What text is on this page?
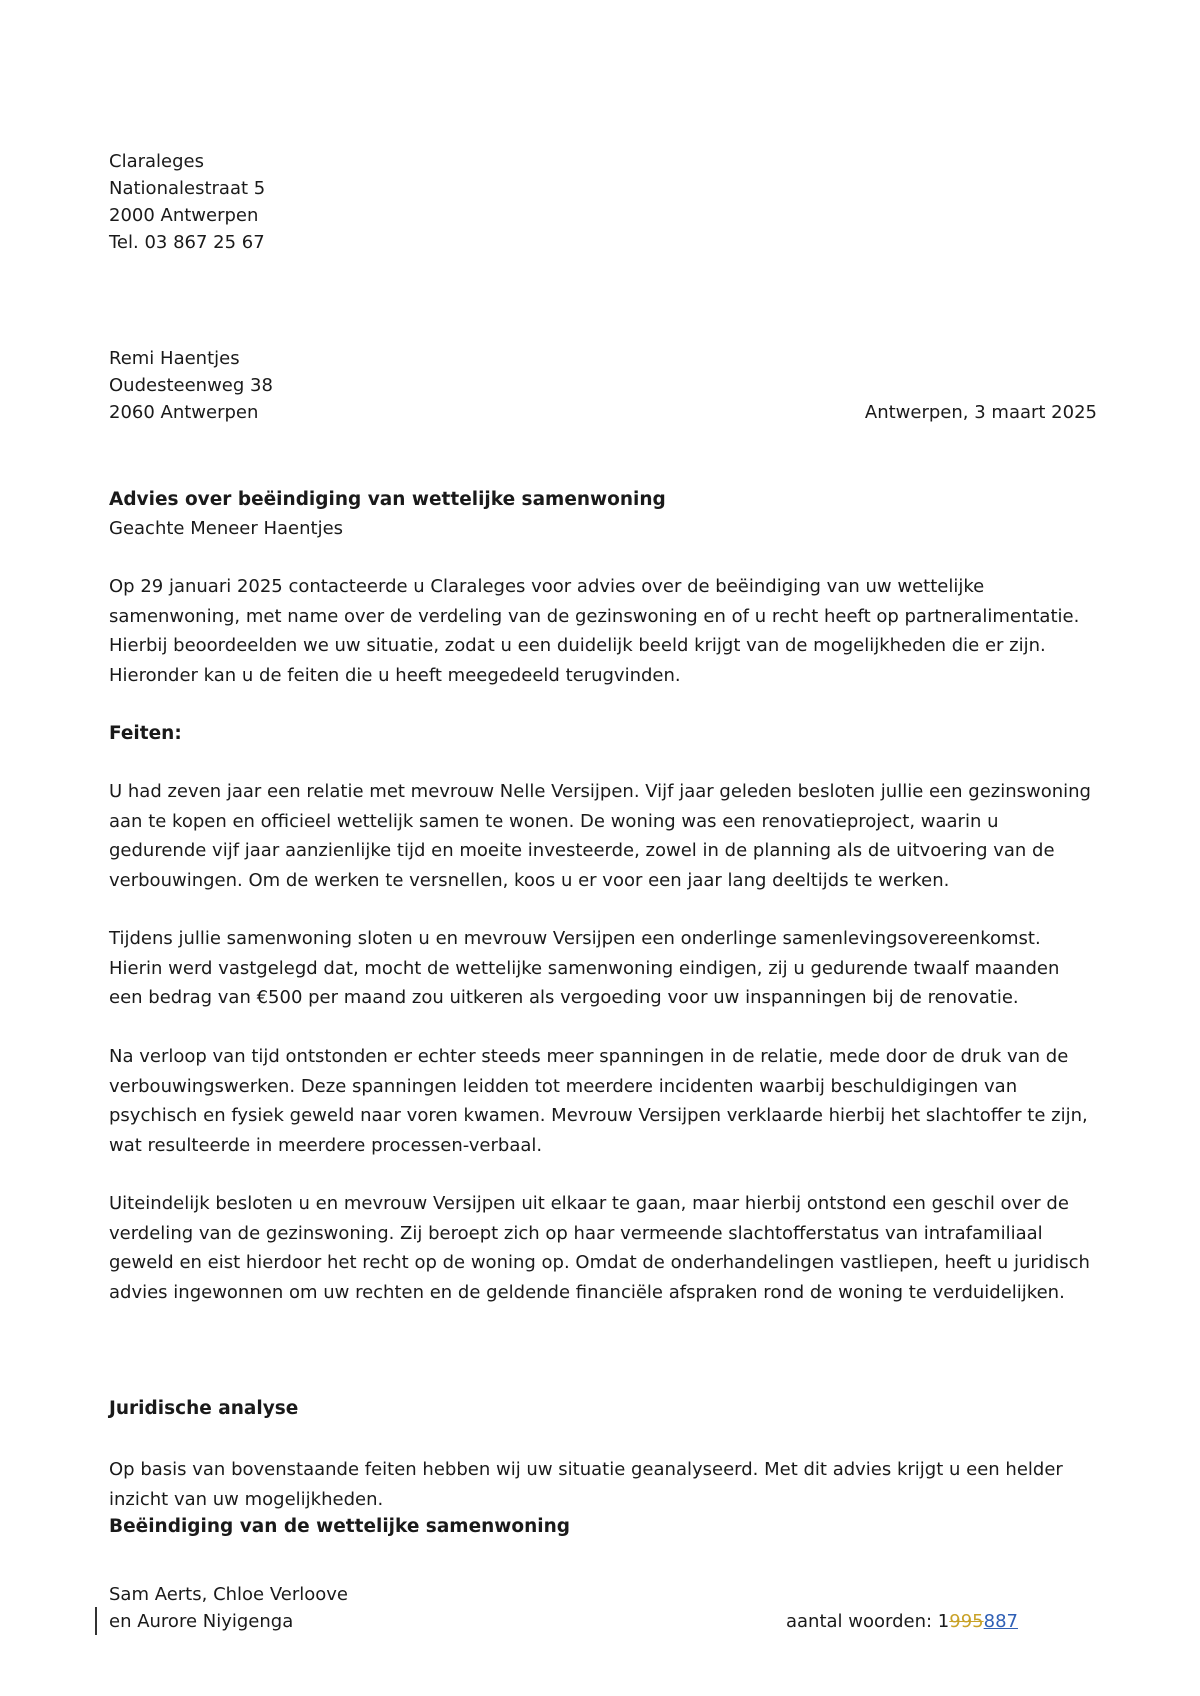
Claraleges
Nationalestraat 5
2000 Antwerpen
Tel. 03 867 25 67
Remi Haentjes
Oudesteenweg 38
2060 Antwerpen	Antwerpen, 3 maart 2025
Advies over beëindiging van wettelijke samenwoning
Geachte Meneer Haentjes

Op 29 januari 2025 contacteerde u Claraleges voor advies over de beëindiging van uw wettelijke

samenwoning, met name over de verdeling van de gezinswoning en of u recht heeft op partneralimentatie.

Hierbij beoordeelden we uw situatie, zodat u een duidelijk beeld krijgt van de mogelijkheden die er zijn.

Hieronder kan u de feiten die u heeft meegedeeld terugvinden.

Feiten:

U had zeven jaar een relatie met mevrouw Nelle Versijpen. Vijf jaar geleden besloten jullie een gezinswoning

aan te kopen en officieel wettelijk samen te wonen. De woning was een renovatieproject, waarin u

gedurende vijf jaar aanzienlijke tijd en moeite investeerde, zowel in de planning als de uitvoering van de

verbouwingen. Om de werken te versnellen, koos u er voor een jaar lang deeltijds te werken.

Tijdens jullie samenwoning sloten u en mevrouw Versijpen een onderlinge samenlevingsovereenkomst.

Hierin werd vastgelegd dat, mocht de wettelijke samenwoning eindigen, zij u gedurende twaalf maanden

een bedrag van €500 per maand zou uitkeren als vergoeding voor uw inspanningen bij de renovatie.

Na verloop van tijd ontstonden er echter steeds meer spanningen in de relatie, mede door de druk van de

verbouwingswerken. Deze spanningen leidden tot meerdere incidenten waarbij beschuldigingen van

psychisch en fysiek geweld naar voren kwamen. Mevrouw Versijpen verklaarde hierbij het slachtoffer te zijn,

wat resulteerde in meerdere processen-verbaal.

Uiteindelijk besloten u en mevrouw Versijpen uit elkaar te gaan, maar hierbij ontstond een geschil over de

verdeling van de gezinswoning. Zij beroept zich op haar vermeende slachtofferstatus van intrafamiliaal

geweld en eist hierdoor het recht op de woning op. Omdat de onderhandelingen vastliepen, heeft u juridisch

advies ingewonnen om uw rechten en de geldende financiële afspraken rond de woning te verduidelijken.

Juridische analyse

Op basis van bovenstaande feiten hebben wij uw situatie geanalyseerd. Met dit advies krijgt u een helder

inzicht van uw mogelijkheden.

Beëindiging van de wettelijke samenwoning
Sam Aerts, Chloe Verloove
en Aurore Niyigenga	aantal woorden: 1995887
